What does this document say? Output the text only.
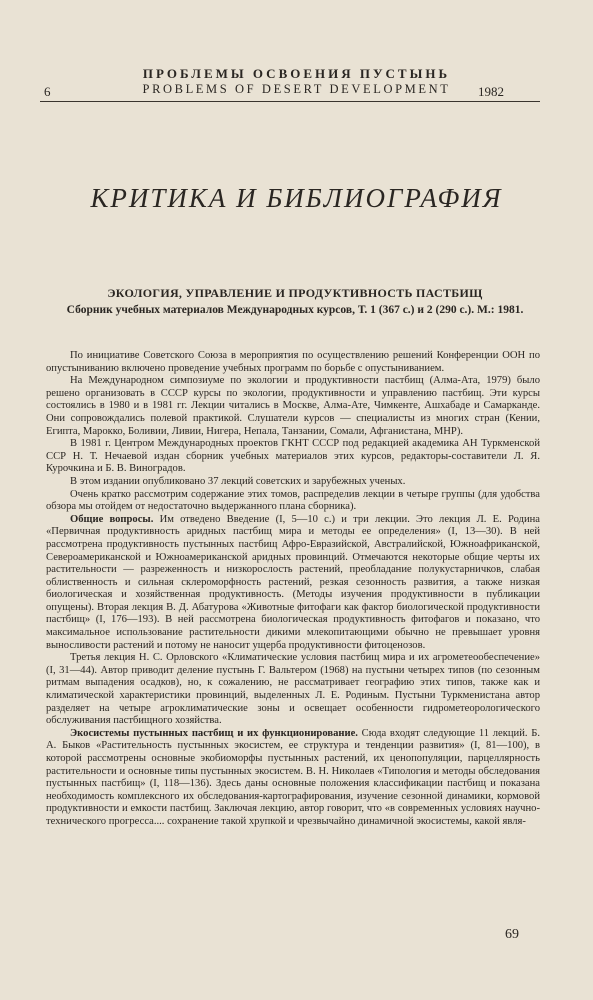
6
ПРОБЛЕМЫ ОСВОЕНИЯ ПУСТЫНЬ
PROBLEMS OF DESERT DEVELOPMENT	1982
КРИТИКА И БИБЛИОГРАФИЯ
ЭКОЛОГИЯ, УПРАВЛЕНИЕ И ПРОДУКТИВНОСТЬ ПАСТБИЩ
Сборник учебных материалов Международных курсов, Т. 1 (367 с.) и 2 (290 с.). М.: 1981.

По инициативе Советского Союза в мероприятия по осуществлению решений Конференции ООН по опустыниванию включено проведение учебных программ по борьбе с опустыниванием.

На Международном симпозиуме по экологии и продуктивности пастбищ (Алма-Ата, 1979) было решено организовать в СССР курсы по экологии, продуктивности и управлению пастбищ. Эти курсы состоялись в 1980 и в 1981 гг. Лекции читались в Москве, Алма-Ате, Чимкенте, Ашхабаде и Самарканде. Они сопровождались полевой практикой. Слушатели курсов — специалисты из многих стран (Кении, Египта, Марокко, Боливии, Ливии, Нигера, Непала, Танзании, Сомали, Афганистана, МНР).

В 1981 г. Центром Международных проектов ГКНТ СССР под редакцией академика АН Туркменской ССР Н. Т. Нечаевой издан сборник учебных материалов этих курсов, редакторы-составители Л. Я. Курочкина и Б. В. Виноградов.

В этом издании опубликовано 37 лекций советских и зарубежных ученых.

Очень кратко рассмотрим содержание этих томов, распределив лекции в четыре группы (для удобства обзора мы отойдем от недостаточно выдержанного плана сборника).

Общие вопросы. Им отведено Введение (I, 5—10 с.) и три лекции. Это лекция Л. Е. Родина «Первичная продуктивность аридных пастбищ мира и методы ее определения» (I, 13—30). В ней рассмотрена продуктивность пустынных пастбищ Афро-Евразийской, Австралийской, Южноафриканской, Североамериканской и Южноамериканской аридных провинций. Отмечаются некоторые общие черты их растительности — разреженность и низкорослость растений, преобладание полукустарничков, слабая облиственность и сильная склероморфность растений, резкая сезонность развития, а также низкая биологическая и хозяйственная продуктивность. (Методы изучения продуктивности в публикации опущены). Вторая лекция В. Д. Абатурова «Животные фитофаги как фактор биологической продуктивности пастбищ» (I, 176—193). В ней рассмотрена биологическая продуктивность фитофагов и показано, что максимальное использование растительности дикими млекопитающими обычно не превышает уровня выносливости растений и потому не наносит ущерба продуктивности фитоценозов.

Третья лекция Н. С. Орловского «Климатические условия пастбищ мира и их агрометеообеспечение» (I, 31—44). Автор приводит деление пустынь Г. Вальтером (1968) на пустыни четырех типов (по сезонным ритмам выпадения осадков), но, к сожалению, не рассматривает географию этих типов, также как и климатической характеристики провинций, выделенных Л. Е. Родиным. Пустыни Туркменистана автор разделяет на четыре агроклиматические зоны и освещает особенности гидрометеорологического обслуживания пастбищного хозяйства.

Экосистемы пустынных пастбищ и их функционирование. Сюда входят следующие 11 лекций. Б. А. Быков «Растительность пустынных экосистем, ее структура и тенденции развития» (I, 81—100), в которой рассмотрены основные экобиоморфы пустынных растений, их ценопопуляции, парцеллярность растительности и основные типы пустынных экосистем. В. Н. Николаев «Типология и методы обследования пустынных пастбищ» (I, 118—136). Здесь даны основные положения классификации пастбищ и показана необходимость комплексного их обследования-картографирования, изучение сезонной динамики, кормовой продуктивности и емкости пастбищ. Заключая лекцию, автор говорит, что «в современных условиях научно-технического прогресса.... сохранение такой хрупкой и чрезвычайно динамичной экосистемы, какой явля-

69
